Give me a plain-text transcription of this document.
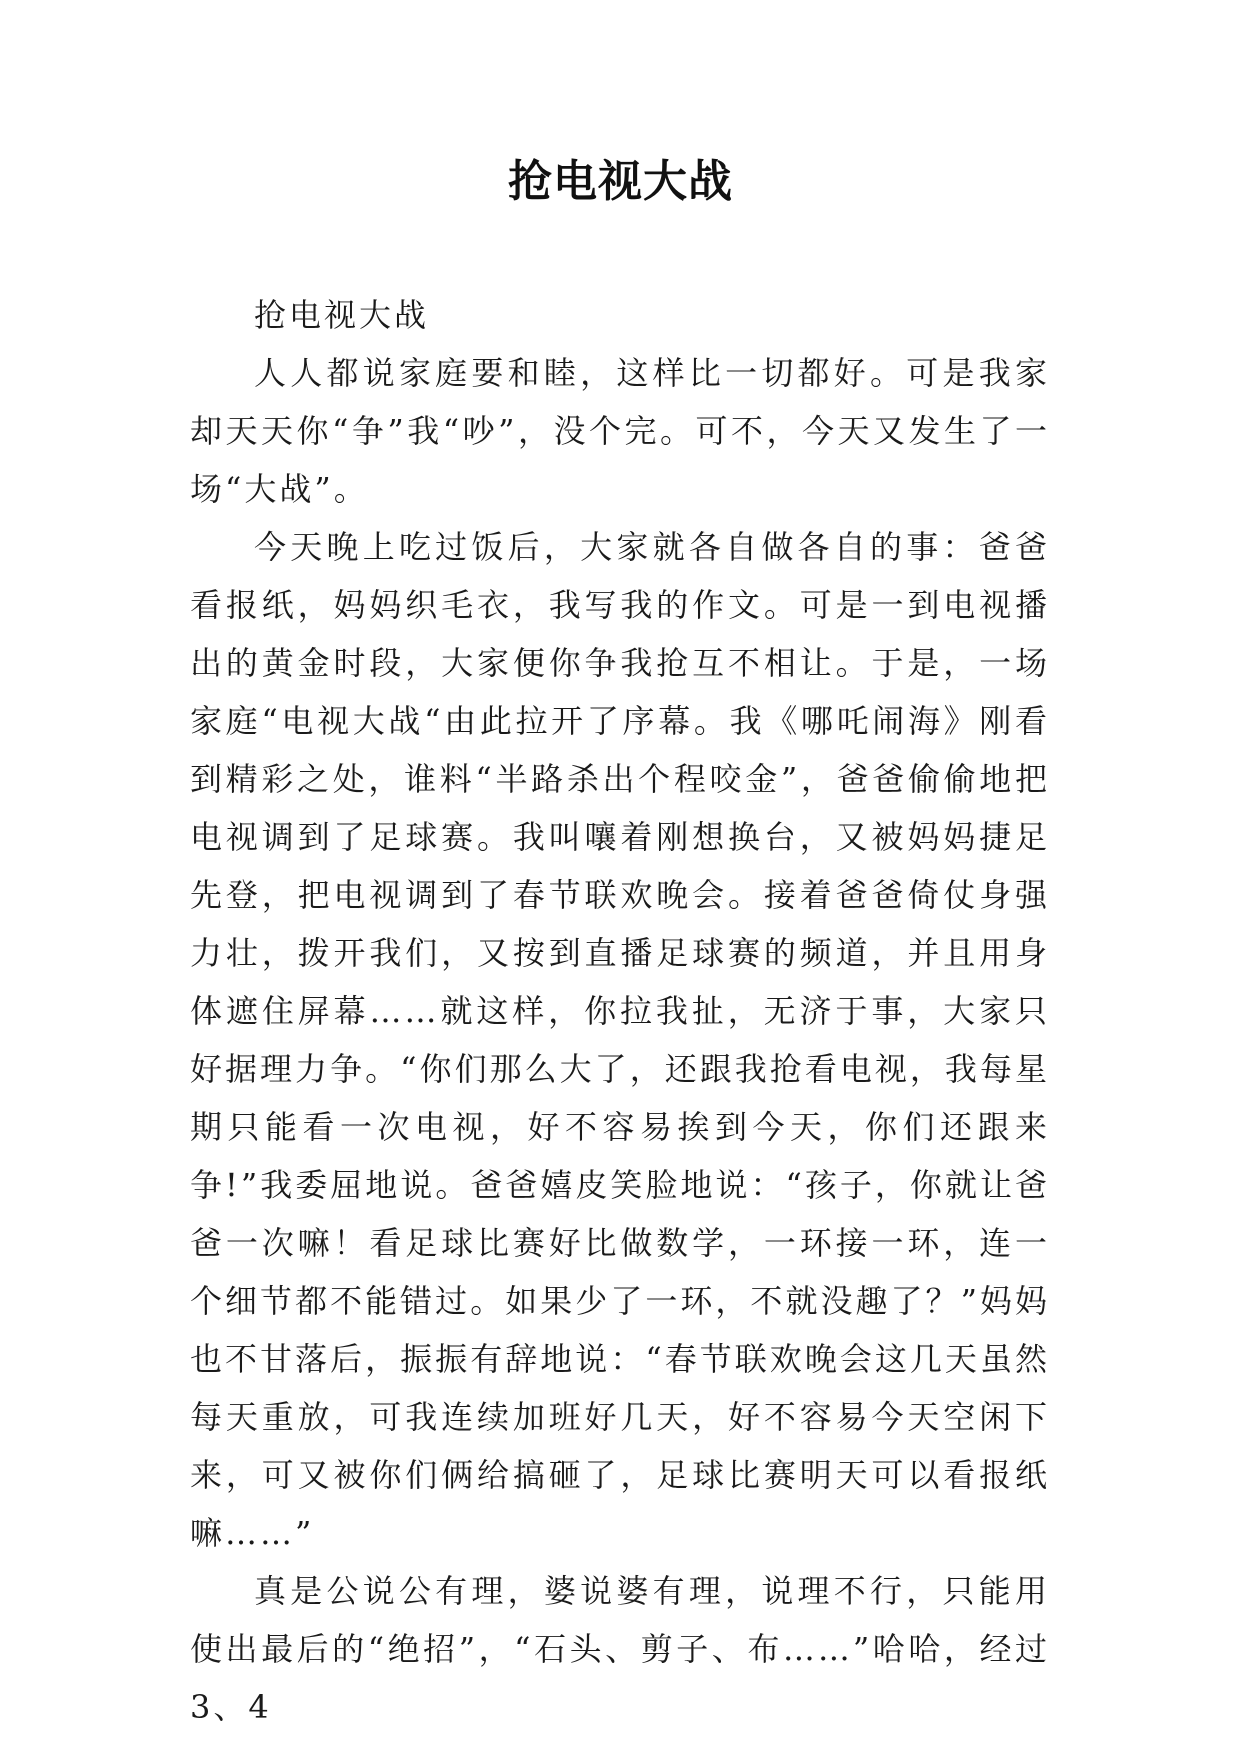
抢电视大战

抢电视大战

人人都说家庭要和睦，这样比一切都好。可是我家却天天你“争”我“吵”，没个完。可不，今天又发生了一场“大战”。

今天晚上吃过饭后，大家就各自做各自的事：爸爸看报纸，妈妈织毛衣，我写我的作文。可是一到电视播出的黄金时段，大家便你争我抢互不相让。于是，一场家庭“电视大战“由此拉开了序幕。我《哪吒闹海》刚看到精彩之处，谁料“半路杀出个程咬金”，爸爸偷偷地把电视调到了足球赛。我叫嚷着刚想换台，又被妈妈捷足先登，把电视调到了春节联欢晚会。接着爸爸倚仗身强力壮，拨开我们，又按到直播足球赛的频道，并且用身体遮住屏幕……就这样，你拉我扯，无济于事，大家只好据理力争。“你们那么大了，还跟我抢看电视，我每星期只能看一次电视，好不容易挨到今天，你们还跟来争!”我委屈地说。爸爸嬉皮笑脸地说：“孩子，你就让爸爸一次嘛！看足球比赛好比做数学，一环接一环，连一个细节都不能错过。如果少了一环，不就没趣了？”妈妈也不甘落后，振振有辞地说：“春节联欢晚会这几天虽然每天重放，可我连续加班好几天，好不容易今天空闲下来，可又被你们俩给搞砸了，足球比赛明天可以看报纸嘛……”

真是公说公有理，婆说婆有理，说理不行，只能用使出最后的“绝招”，“石头、剪子、布……”哈哈，经过 3、4
